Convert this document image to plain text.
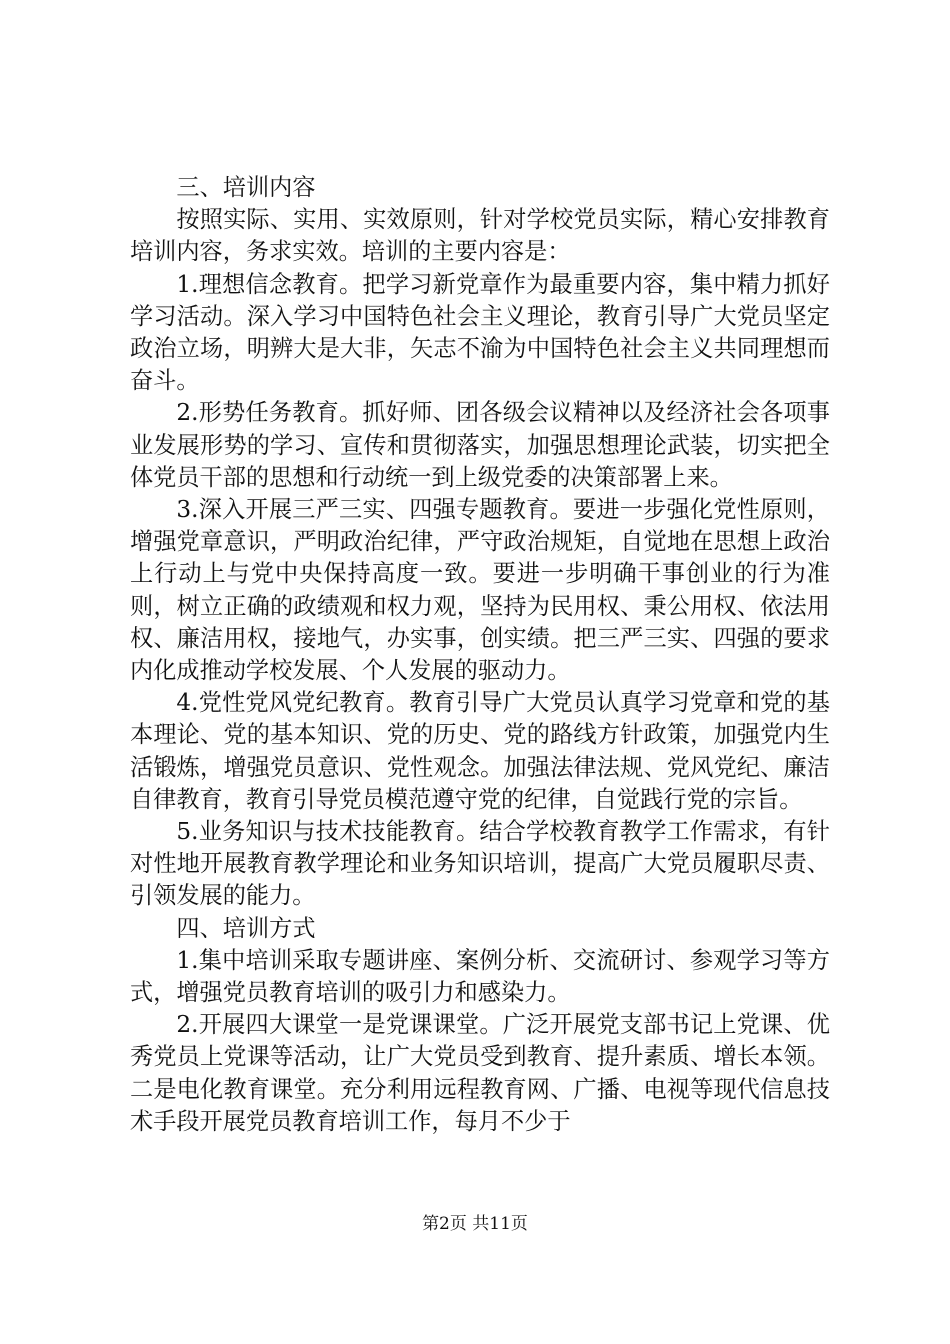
三、培训内容

按照实际、实用、实效原则，针对学校党员实际，精心安排教育培训内容，务求实效。培训的主要内容是：

1.理想信念教育。把学习新党章作为最重要内容，集中精力抓好学习活动。深入学习中国特色社会主义理论，教育引导广大党员坚定政治立场，明辨大是大非，矢志不渝为中国特色社会主义共同理想而奋斗。

2.形势任务教育。抓好师、团各级会议精神以及经济社会各项事业发展形势的学习、宣传和贯彻落实，加强思想理论武装，切实把全体党员干部的思想和行动统一到上级党委的决策部署上来。

3.深入开展三严三实、四强专题教育。要进一步强化党性原则，增强党章意识，严明政治纪律，严守政治规矩，自觉地在思想上政治上行动上与党中央保持高度一致。要进一步明确干事创业的行为准则，树立正确的政绩观和权力观，坚持为民用权、秉公用权、依法用权、廉洁用权，接地气，办实事，创实绩。把三严三实、四强的要求内化成推动学校发展、个人发展的驱动力。

4.党性党风党纪教育。教育引导广大党员认真学习党章和党的基本理论、党的基本知识、党的历史、党的路线方针政策，加强党内生活锻炼，增强党员意识、党性观念。加强法律法规、党风党纪、廉洁自律教育，教育引导党员模范遵守党的纪律，自觉践行党的宗旨。

5.业务知识与技术技能教育。结合学校教育教学工作需求，有针对性地开展教育教学理论和业务知识培训，提高广大党员履职尽责、引领发展的能力。

四、培训方式

1.集中培训采取专题讲座、案例分析、交流研讨、参观学习等方式，增强党员教育培训的吸引力和感染力。

2.开展四大课堂一是党课课堂。广泛开展党支部书记上党课、优秀党员上党课等活动，让广大党员受到教育、提升素质、增长本领。二是电化教育课堂。充分利用远程教育网、广播、电视等现代信息技术手段开展党员教育培训工作，每月不少于

第2页 共11页
